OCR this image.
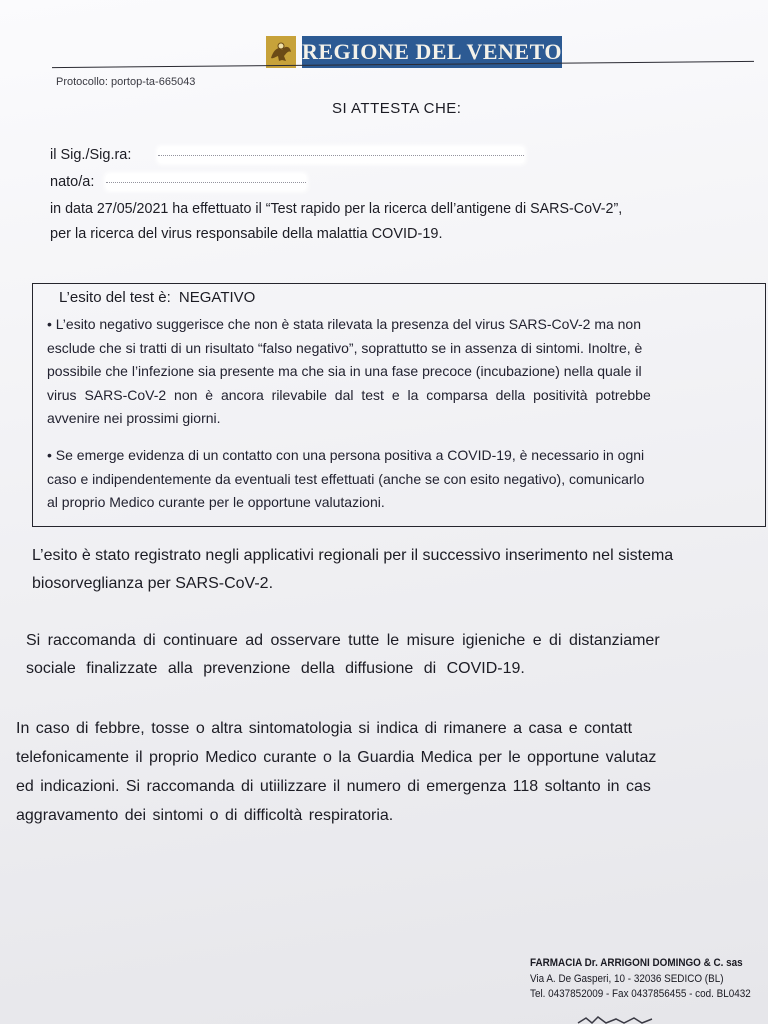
REGIONE DEL VENETO
Protocollo: portop-ta-665043
SI ATTESTA CHE:
il Sig./Sig.ra:
nato/a:
in data 27/05/2021 ha effettuato il “Test rapido per la ricerca dell’antigene di SARS-CoV-2”,
per la ricerca del virus responsabile della malattia COVID-19.
L’esito del test è: NEGATIVO
• L’esito negativo suggerisce che non è stata rilevata la presenza del virus SARS-CoV-2 ma non
esclude che si tratti di un risultato “falso negativo”, soprattutto se in assenza di sintomi. Inoltre, è
possibile che l’infezione sia presente ma che sia in una fase precoce (incubazione) nella quale il
virus SARS-CoV-2 non è ancora rilevabile dal test e la comparsa della positività potrebbe
avvenire nei prossimi giorni.
• Se emerge evidenza di un contatto con una persona positiva a COVID-19, è necessario in ogni
caso e indipendentemente da eventuali test effettuati (anche se con esito negativo), comunicarlo
al proprio Medico curante per le opportune valutazioni.
L’esito è stato registrato negli applicativi regionali per il successivo inserimento nel sistema
biosorveglianza per SARS-CoV-2.
Si raccomanda di continuare ad osservare tutte le misure igieniche e di distanziamer
sociale finalizzate alla prevenzione della diffusione di COVID-19.
In caso di febbre, tosse o altra sintomatologia si indica di rimanere a casa e contatt
telefonicamente il proprio Medico curante o la Guardia Medica per le opportune valutaz
ed indicazioni. Si raccomanda di utiilizzare il numero di emergenza 118 soltanto in cas
aggravamento dei sintomi o di difficoltà respiratoria.
FARMACIA Dr. ARRIGONI DOMINGO & C. sas
Via A. De Gasperi, 10 - 32036 SEDICO (BL)
Tel. 0437852009 - Fax 0437856455 - cod. BL0432
